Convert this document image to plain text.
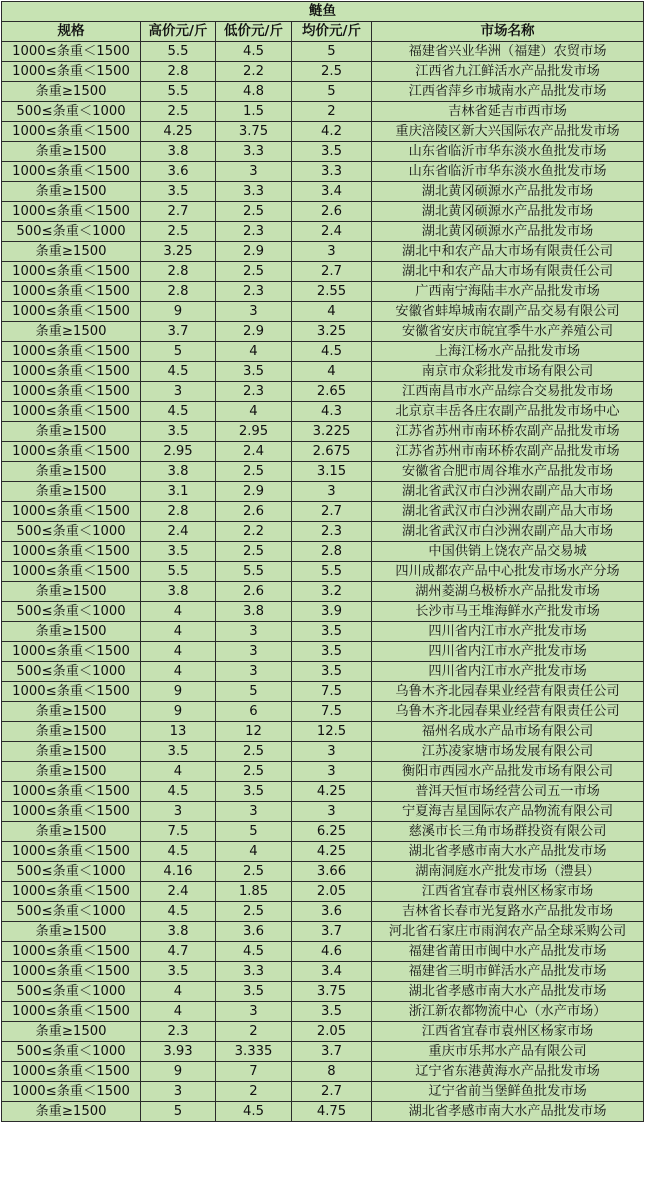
鲢鱼				
规格	高价元/斤	低价元/斤	均价元/斤	市场名称
1000≤条重＜1500	5.5	4.5	5	福建省兴业华洲（福建）农贸市场
1000≤条重＜1500	2.8	2.2	2.5	江西省九江鲜活水产品批发市场
条重≥1500	5.5	4.8	5	江西省萍乡市城南水产品批发市场
500≤条重＜1000	2.5	1.5	2	吉林省延吉市西市场
1000≤条重＜1500	4.25	3.75	4.2	重庆涪陵区新大兴国际农产品批发市场
条重≥1500	3.8	3.3	3.5	山东省临沂市华东淡水鱼批发市场
1000≤条重＜1500	3.6	3	3.3	山东省临沂市华东淡水鱼批发市场
条重≥1500	3.5	3.3	3.4	湖北黄冈硕源水产品批发市场
1000≤条重＜1500	2.7	2.5	2.6	湖北黄冈硕源水产品批发市场
500≤条重＜1000	2.5	2.3	2.4	湖北黄冈硕源水产品批发市场
条重≥1500	3.25	2.9	3	湖北中和农产品大市场有限责任公司
1000≤条重＜1500	2.8	2.5	2.7	湖北中和农产品大市场有限责任公司
1000≤条重＜1500	2.8	2.3	2.55	广西南宁海陆丰水产品批发市场
1000≤条重＜1500	9	3	4	安徽省蚌埠城南农副产品交易有限公司
条重≥1500	3.7	2.9	3.25	安徽省安庆市皖宜季牛水产养殖公司
1000≤条重＜1500	5	4	4.5	上海江杨水产品批发市场
1000≤条重＜1500	4.5	3.5	4	南京市众彩批发市场有限公司
1000≤条重＜1500	3	2.3	2.65	江西南昌市水产品综合交易批发市场
1000≤条重＜1500	4.5	4	4.3	北京京丰岳各庄农副产品批发市场中心
条重≥1500	3.5	2.95	3.225	江苏省苏州市南环桥农副产品批发市场
1000≤条重＜1500	2.95	2.4	2.675	江苏省苏州市南环桥农副产品批发市场
条重≥1500	3.8	2.5	3.15	安徽省合肥市周谷堆水产品批发市场
条重≥1500	3.1	2.9	3	湖北省武汉市白沙洲农副产品大市场
1000≤条重＜1500	2.8	2.6	2.7	湖北省武汉市白沙洲农副产品大市场
500≤条重＜1000	2.4	2.2	2.3	湖北省武汉市白沙洲农副产品大市场
1000≤条重＜1500	3.5	2.5	2.8	中国供销上饶农产品交易城
1000≤条重＜1500	5.5	5.5	5.5	四川成都农产品中心批发市场水产分场
条重≥1500	3.8	2.6	3.2	湖州菱湖乌极桥水产品批发市场
500≤条重＜1000	4	3.8	3.9	长沙市马王堆海鲜水产批发市场
条重≥1500	4	3	3.5	四川省内江市水产批发市场
1000≤条重＜1500	4	3	3.5	四川省内江市水产批发市场
500≤条重＜1000	4	3	3.5	四川省内江市水产批发市场
1000≤条重＜1500	9	5	7.5	乌鲁木齐北园春果业经营有限责任公司
条重≥1500	9	6	7.5	乌鲁木齐北园春果业经营有限责任公司
条重≥1500	13	12	12.5	福州名成水产品市场有限公司
条重≥1500	3.5	2.5	3	江苏凌家塘市场发展有限公司
条重≥1500	4	2.5	3	衡阳市西园水产品批发市场有限公司
1000≤条重＜1500	4.5	3.5	4.25	普洱天恒市场经营公司五一市场
1000≤条重＜1500	3	3	3	宁夏海吉星国际农产品物流有限公司
条重≥1500	7.5	5	6.25	慈溪市长三角市场群投资有限公司
1000≤条重＜1500	4.5	4	4.25	湖北省孝感市南大水产品批发市场
500≤条重＜1000	4.16	2.5	3.66	湖南洞庭水产批发市场（澧县）
1000≤条重＜1500	2.4	1.85	2.05	江西省宜春市袁州区杨家市场
500≤条重＜1000	4.5	2.5	3.6	吉林省长春市光复路水产品批发市场
条重≥1500	3.8	3.6	3.7	河北省石家庄市雨润农产品全球采购公司
1000≤条重＜1500	4.7	4.5	4.6	福建省莆田市闽中水产品批发市场
1000≤条重＜1500	3.5	3.3	3.4	福建省三明市鲜活水产品批发市场
500≤条重＜1000	4	3.5	3.75	湖北省孝感市南大水产品批发市场
1000≤条重＜1500	4	3	3.5	浙江新农都物流中心（水产市场）
条重≥1500	2.3	2	2.05	江西省宜春市袁州区杨家市场
500≤条重＜1000	3.93	3.335	3.7	重庆市乐邦水产品有限公司
1000≤条重＜1500	9	7	8	辽宁省东港黄海水产品批发市场
1000≤条重＜1500	3	2	2.7	辽宁省前当堡鲜鱼批发市场
条重≥1500	5	4.5	4.75	湖北省孝感市南大水产品批发市场
